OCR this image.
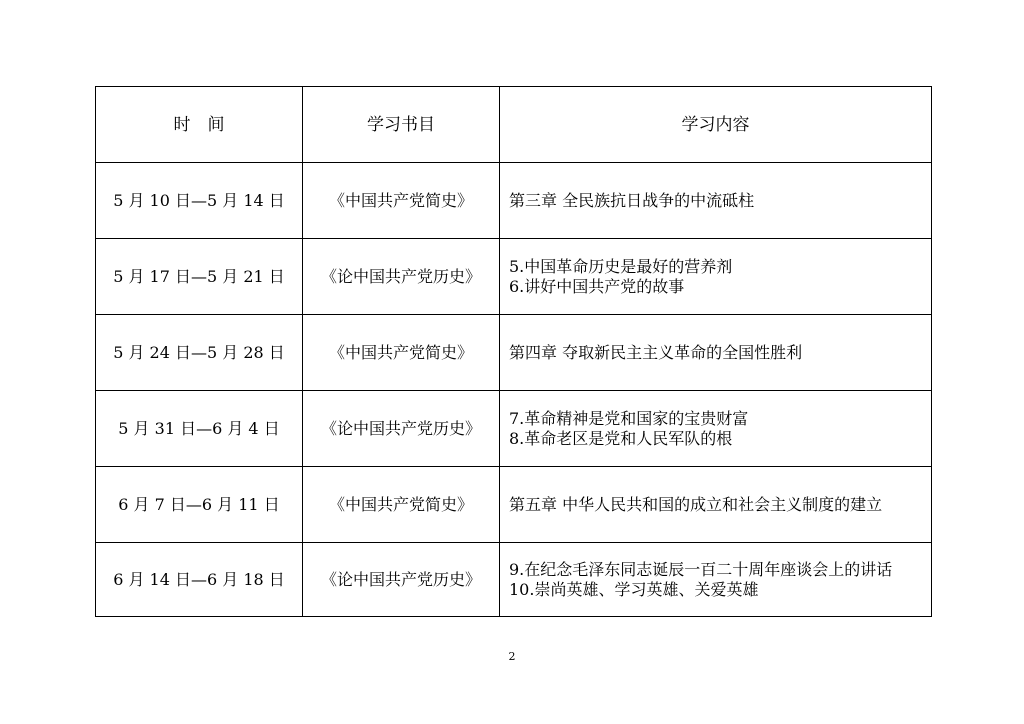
时　间	学习书目	学习内容
5 月 10 日—5 月 14 日	《中国共产党简史》	第三章 全民族抗日战争的中流砥柱

5 月 17 日—5 月 21 日	《论中国共产党历史》	5.中国革命历史是最好的营养剂
6.讲好中国共产党的故事

5 月 24 日—5 月 28 日	《中国共产党简史》	第四章 夺取新民主主义革命的全国性胜利

5 月 31 日—6 月 4 日	《论中国共产党历史》	7.革命精神是党和国家的宝贵财富
8.革命老区是党和人民军队的根

6 月 7 日—6 月 11 日	《中国共产党简史》	第五章 中华人民共和国的成立和社会主义制度的建立

6 月 14 日—6 月 18 日	《论中国共产党历史》	9.在纪念毛泽东同志诞辰一百二十周年座谈会上的讲话
10.崇尚英雄、学习英雄、关爱英雄
2
